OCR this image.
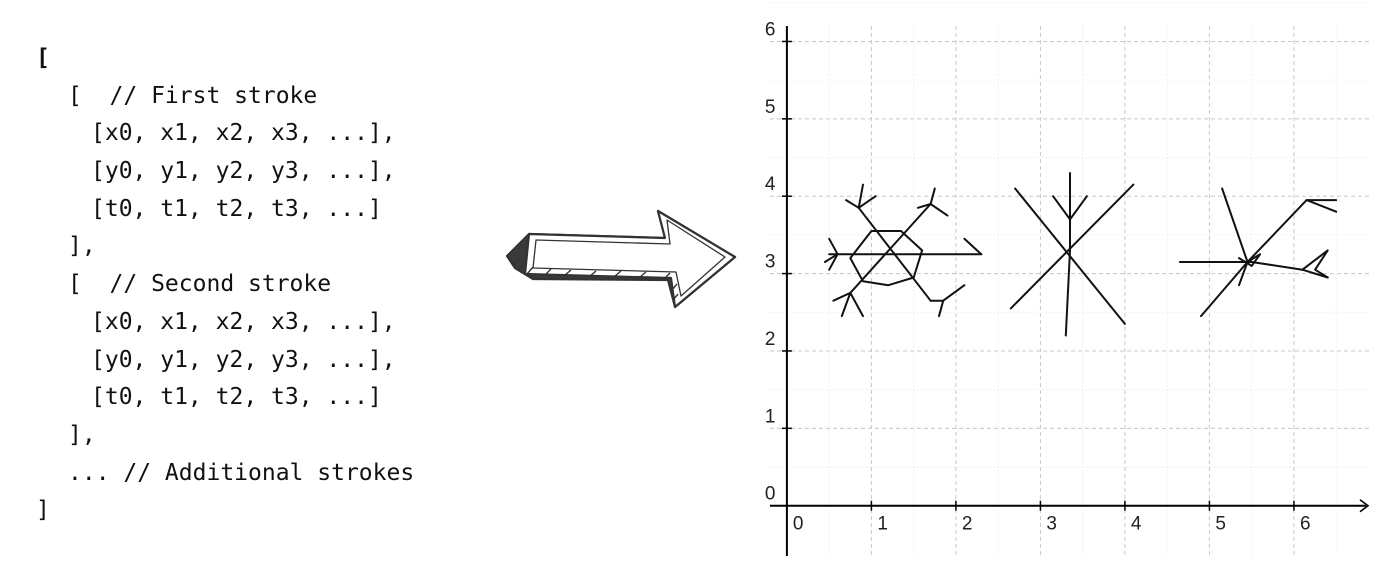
[
[  // First stroke
[x0, x1, x2, x3, ...],
[y0, y1, y2, y3, ...],
[t0, t1, t2, t3, ...]
],
[  // Second stroke
[x0, x1, x2, x3, ...],
[y0, y1, y2, y3, ...],
[t0, t1, t2, t3, ...]
],
... // Additional strokes
]
0	1	2	3	4	5	6
0
1
2
3
4
5
6
